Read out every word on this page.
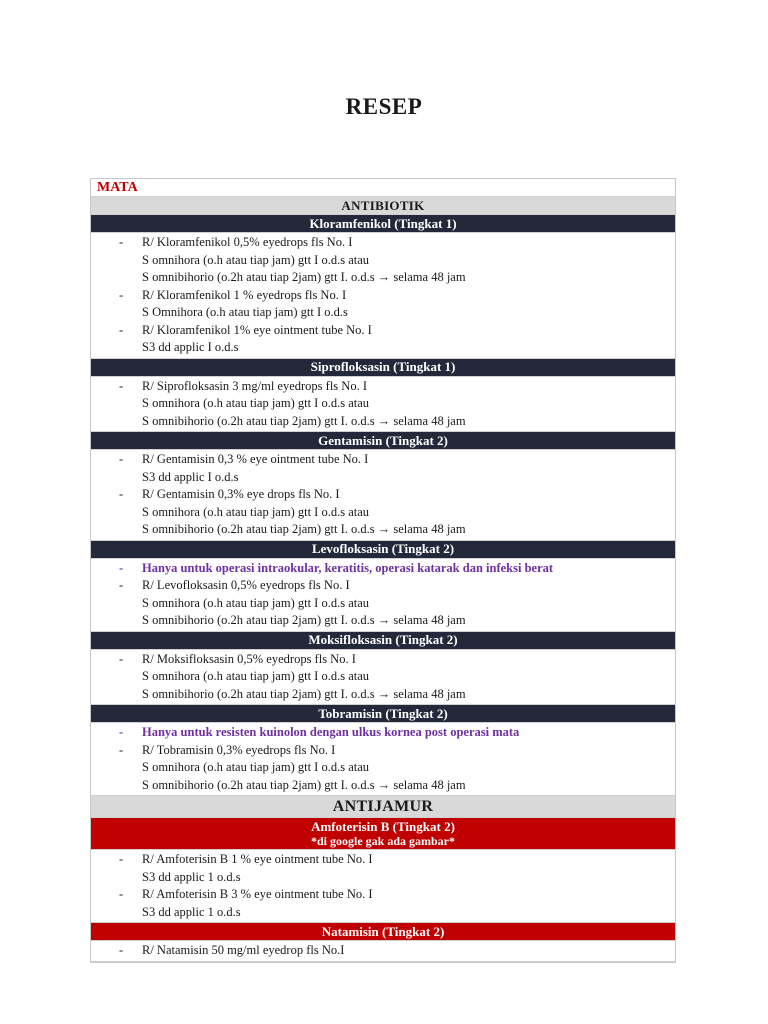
RESEP
MATA
ANTIBIOTIK
Kloramfenikol (Tingkat 1)
- R/ Kloramfenikol 0,5% eyedrops fls No. I
S omnihora (o.h atau tiap jam) gtt I o.d.s atau
S omnibihorio (o.2h atau tiap 2jam) gtt I. o.d.s → selama 48 jam
- R/ Kloramfenikol 1 % eyedrops fls No. I
S Omnihora (o.h atau tiap jam) gtt I o.d.s
- R/ Kloramfenikol 1% eye ointment tube No. I
S3 dd applic I o.d.s
Siprofloksasin (Tingkat 1)
- R/ Siprofloksasin 3 mg/ml eyedrops fls No. I
S omnihora (o.h atau tiap jam) gtt I o.d.s atau
S omnibihorio (o.2h atau tiap 2jam) gtt I. o.d.s → selama 48 jam
Gentamisin (Tingkat 2)
- R/ Gentamisin 0,3 % eye ointment tube No. I
S3 dd applic I o.d.s
- R/ Gentamisin 0,3% eye drops fls No. I
S omnihora (o.h atau tiap jam) gtt I o.d.s atau
S omnibihorio (o.2h atau tiap 2jam) gtt I. o.d.s → selama 48 jam
Levofloksasin (Tingkat 2)
- Hanya untuk operasi intraokular, keratitis, operasi katarak dan infeksi berat
- R/ Levofloksasin 0,5% eyedrops fls No. I
S omnihora (o.h atau tiap jam) gtt I o.d.s atau
S omnibihorio (o.2h atau tiap 2jam) gtt I. o.d.s → selama 48 jam
Moksifloksasin (Tingkat 2)
- R/ Moksifloksasin 0,5% eyedrops fls No. I
S omnihora (o.h atau tiap jam) gtt I o.d.s atau
S omnibihorio (o.2h atau tiap 2jam) gtt I. o.d.s → selama 48 jam
Tobramisin (Tingkat 2)
- Hanya untuk resisten kuinolon dengan ulkus kornea post operasi mata
- R/ Tobramisin 0,3% eyedrops fls No. I
S omnihora (o.h atau tiap jam) gtt I o.d.s atau
S omnibihorio (o.2h atau tiap 2jam) gtt I. o.d.s → selama 48 jam
ANTIJAMUR
Amfoterisin B (Tingkat 2)
*di google gak ada gambar*
- R/ Amfoterisin B 1 % eye ointment tube No. I
S3 dd applic 1 o.d.s
- R/ Amfoterisin B 3 % eye ointment tube No. I
S3 dd applic 1 o.d.s
Natamisin (Tingkat 2)
- R/ Natamisin 50 mg/ml eyedrop fls No.I
